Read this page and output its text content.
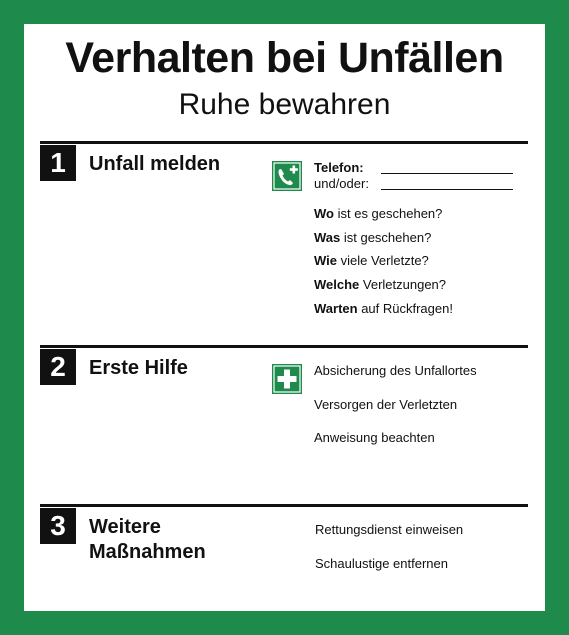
Verhalten bei Unfällen
Ruhe bewahren
1	Unfall melden	Telefon:
und/oder:
Wo ist es geschehen?
Was ist geschehen?
Wie viele Verletzte?
Welche Verletzungen?
Warten auf Rückfragen!
2	Erste Hilfe	Absicherung des Unfallortes
Versorgen der Verletzten
Anweisung beachten
3	Weitere
Maßnahmen
Rettungsdienst einweisen
Schaulustige entfernen
